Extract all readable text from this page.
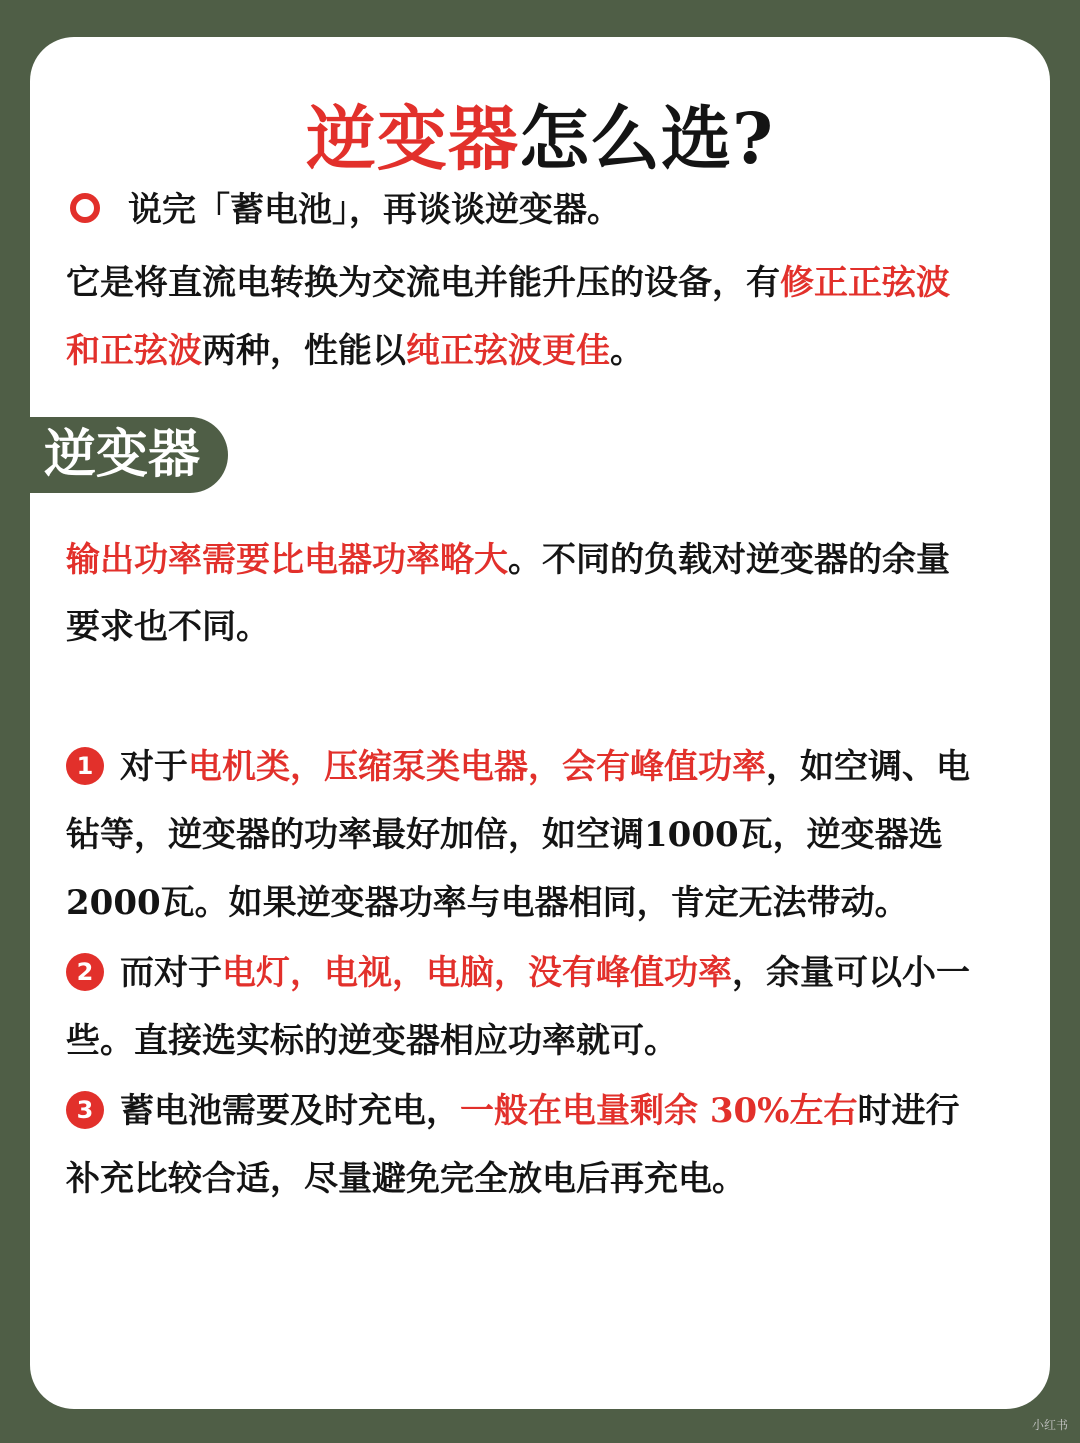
逆变器怎么选?
说完「蓄电池」，再谈谈逆变器。
它是将直流电转换为交流电并能升压的设备，有修正正弦波
和正弦波两种，性能以纯正弦波更佳。
逆变器
输出功率需要比电器功率略大。不同的负载对逆变器的余量
要求也不同。
1 对于电机类，压缩泵类电器，会有峰值功率，如空调、电
钻等，逆变器的功率最好加倍，如空调1000瓦，逆变器选
2000瓦。如果逆变器功率与电器相同，肯定无法带动。
2 而对于电灯，电视，电脑，没有峰值功率，余量可以小一
些。直接选实标的逆变器相应功率就可。
3 蓄电池需要及时充电，一般在电量剩余 30%左右时进行
补充比较合适，尽量避免完全放电后再充电。
小红书
